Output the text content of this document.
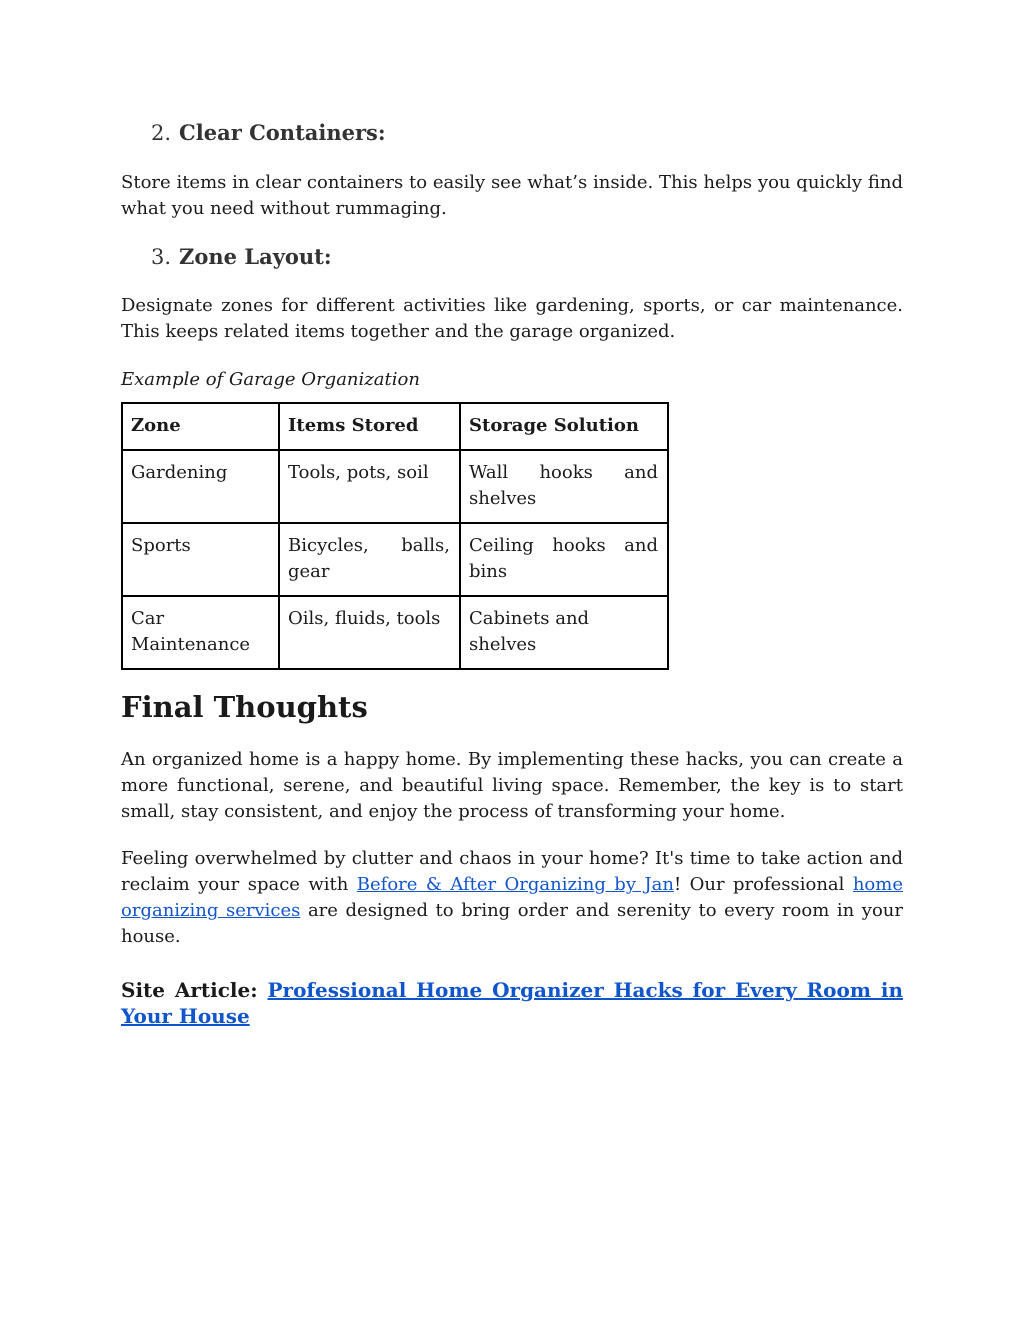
2. Clear Containers:

Store items in clear containers to easily see what’s inside. This helps you quickly find what you need without rummaging.

3. Zone Layout:

Designate zones for different activities like gardening, sports, or car maintenance. This keeps related items together and the garage organized.

Example of Garage Organization
Zone	Items Stored	Storage Solution
Gardening	Tools, pots, soil	Wall hooks and shelves
Sports	Bicycles, balls, gear	Ceiling hooks and bins
Car Maintenance	Oils, fluids, tools	Cabinets and shelves
Final Thoughts

An organized home is a happy home. By implementing these hacks, you can create a more functional, serene, and beautiful living space. Remember, the key is to start small, stay consistent, and enjoy the process of transforming your home.

Feeling overwhelmed by clutter and chaos in your home? It's time to take action and reclaim your space with Before & After Organizing by Jan! Our professional home organizing services are designed to bring order and serenity to every room in your house.

Site Article: Professional Home Organizer Hacks for Every Room in Your House
